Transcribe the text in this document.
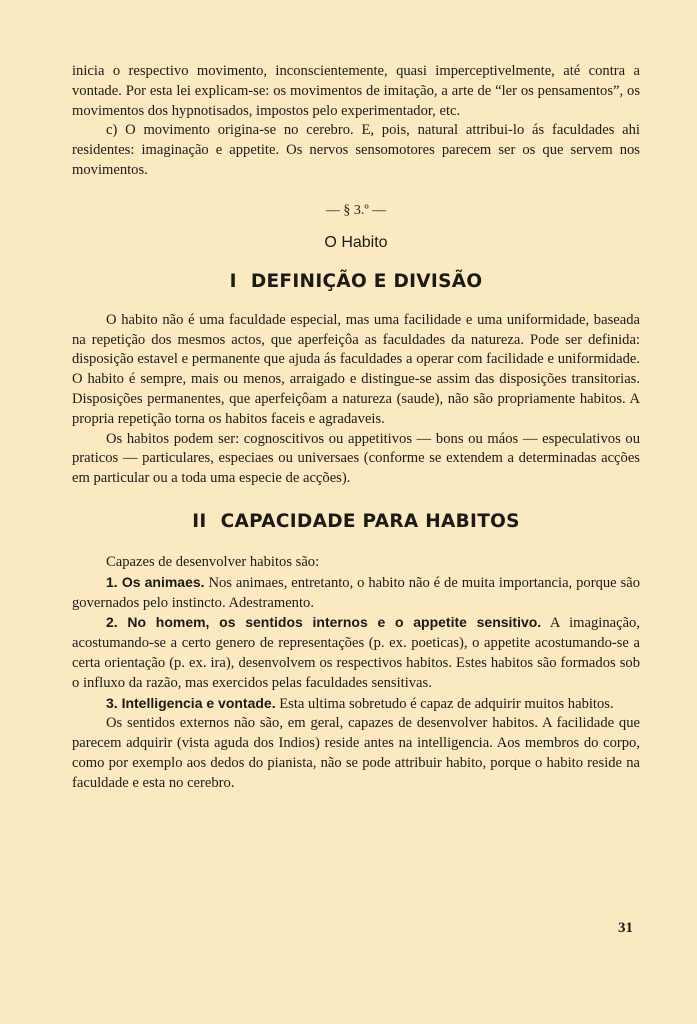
inicia o respectivo movimento, inconscientemente, quasi imperceptivelmente, até contra a vontade. Por esta lei explicam-se: os movimentos de imitação, a arte de “ler os pensamentos”, os movimentos dos hypnotisados, impostos pelo experimentador, etc.

c) O movimento origina-se no cerebro. E, pois, natural attribui-lo ás faculdades ahi residentes: imaginação e appetite. Os nervos sensomotores parecem ser os que servem nos movimentos.

— § 3.º —
O Habito
I DEFINIÇÃO E DIVISÃO

O habito não é uma faculdade especial, mas uma facilidade e uma uniformidade, baseada na repetição dos mesmos actos, que aperfeiçôa as faculdades da natureza. Pode ser definida: disposição estavel e permanente que ajuda ás faculdades a operar com facilidade e uniformidade. O habito é sempre, mais ou menos, arraigado e distingue-se assim das disposições transitorias. Disposições permanentes, que aperfeiçôam a natureza (saude), não são propriamente habitos. A propria repetição torna os habitos faceis e agradaveis.

Os habitos podem ser: cognoscitivos ou appetitivos — bons ou máos — especulativos ou praticos — particulares, especiaes ou universaes (conforme se extendem a determinadas acções em particular ou a toda uma especie de acções).

II CAPACIDADE PARA HABITOS

Capazes de desenvolver habitos são:

1. Os animaes. Nos animaes, entretanto, o habito não é de muita importancia, porque são governados pelo instincto. Adestramento.

2. No homem, os sentidos internos e o appetite sensitivo. A imaginação, acostumando-se a certo genero de representações (p. ex. poeticas), o appetite acostumando-se a certa orientação (p. ex. ira), desenvolvem os respectivos habitos. Estes habitos são formados sob o influxo da razão, mas exercidos pelas faculdades sensitivas.

3. Intelligencia e vontade. Esta ultima sobretudo é capaz de adquirir muitos habitos.

Os sentidos externos não são, em geral, capazes de desenvolver habitos. A facilidade que parecem adquirir (vista aguda dos Indios) reside antes na intelligencia. Aos membros do corpo, como por exemplo aos dedos do pianista, não se pode attribuir habito, porque o habito reside na faculdade e esta no cerebro.

31
